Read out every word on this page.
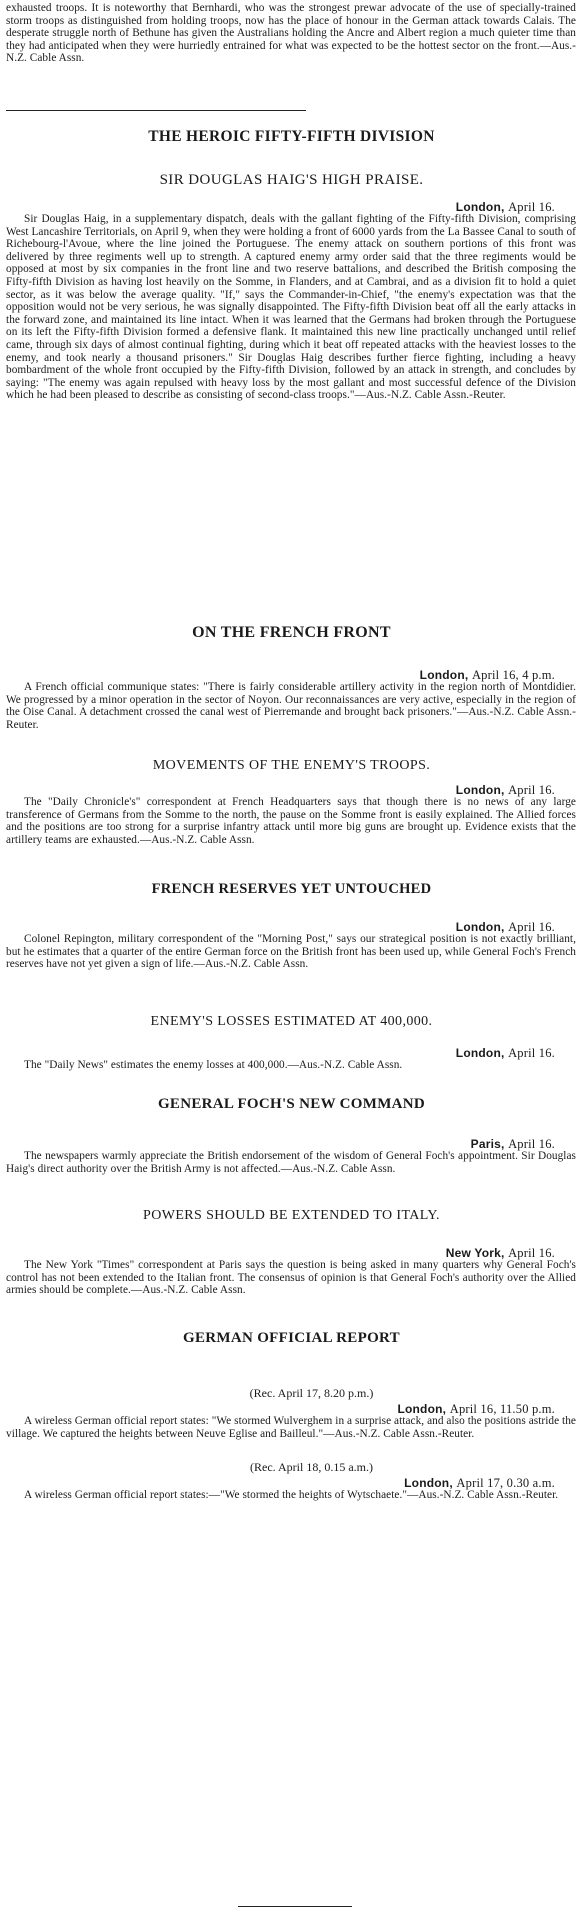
exhausted troops. It is noteworthy that Bernhardi, who was the strongest prewar advocate of the use of specially-trained storm troops as distinguished from holding troops, now has the place of honour in the German attack towards Calais. The desperate struggle north of Bethune has given the Australians holding the Ancre and Albert region a much quieter time than they had anticipated when they were hurriedly entrained for what was expected to be the hottest sector on the front.—Aus.-N.Z. Cable Assn.

THE HEROIC FIFTY-FIFTH DIVISION
SIR DOUGLAS HAIG'S HIGH PRAISE.

London, April 16.

Sir Douglas Haig, in a supplementary dispatch, deals with the gallant fighting of the Fifty-fifth Division, comprising West Lancashire Territorials, on April 9, when they were holding a front of 6000 yards from the La Bassee Canal to south of Richebourg-l'Avoue, where the line joined the Portuguese. The enemy attack on southern portions of this front was delivered by three regiments well up to strength. A captured enemy army order said that the three regiments would be opposed at most by six companies in the front line and two reserve battalions, and described the British composing the Fifty-fifth Division as having lost heavily on the Somme, in Flanders, and at Cambrai, and as a division fit to hold a quiet sector, as it was below the average quality. "If," says the Commander-in-Chief, "the enemy's expectation was that the opposition would not be very serious, he was signally disappointed. The Fifty-fifth Division beat off all the early attacks in the forward zone, and maintained its line intact. When it was learned that the Germans had broken through the Portuguese on its left the Fifty-fifth Division formed a defensive flank. It maintained this new line practically unchanged until relief came, through six days of almost continual fighting, during which it beat off repeated attacks with the heaviest losses to the enemy, and took nearly a thousand prisoners." Sir Douglas Haig describes further fierce fighting, including a heavy bombardment of the whole front occupied by the Fifty-fifth Division, followed by an attack in strength, and concludes by saying: "The enemy was again repulsed with heavy loss by the most gallant and most successful defence of the Division which he had been pleased to describe as consisting of second-class troops."—Aus.-N.Z. Cable Assn.-Reuter.

ON THE FRENCH FRONT

London, April 16, 4 p.m.

A French official communique states: "There is fairly considerable artillery activity in the region north of Montdidier. We progressed by a minor operation in the sector of Noyon. Our reconnaissances are very active, especially in the region of the Oise Canal. A detachment crossed the canal west of Pierremande and brought back prisoners."—Aus.-N.Z. Cable Assn.-Reuter.

MOVEMENTS OF THE ENEMY'S TROOPS.

London, April 16.

The "Daily Chronicle's" correspondent at French Headquarters says that though there is no news of any large transference of Germans from the Somme to the north, the pause on the Somme front is easily explained. The Allied forces and the positions are too strong for a surprise infantry attack until more big guns are brought up. Evidence exists that the artillery teams are exhausted.—Aus.-N.Z. Cable Assn.

FRENCH RESERVES YET UNTOUCHED

London, April 16.

Colonel Repington, military correspondent of the "Morning Post," says our strategical position is not exactly brilliant, but he estimates that a quarter of the entire German force on the British front has been used up, while General Foch's French reserves have not yet given a sign of life.—Aus.-N.Z. Cable Assn.

ENEMY'S LOSSES ESTIMATED AT 400,000.

London, April 16.

The "Daily News" estimates the enemy losses at 400,000.—Aus.-N.Z. Cable Assn.

GENERAL FOCH'S NEW COMMAND

Paris, April 16.

The newspapers warmly appreciate the British endorsement of the wisdom of General Foch's appointment. Sir Douglas Haig's direct authority over the British Army is not affected.—Aus.-N.Z. Cable Assn.

POWERS SHOULD BE EXTENDED TO ITALY.

New York, April 16.

The New York "Times" correspondent at Paris says the question is being asked in many quarters why General Foch's control has not been extended to the Italian front. The consensus of opinion is that General Foch's authority over the Allied armies should be complete.—Aus.-N.Z. Cable Assn.

GERMAN OFFICIAL REPORT

(Rec. April 17, 8.20 p.m.)

London, April 16, 11.50 p.m.

A wireless German official report states: "We stormed Wulverghem in a surprise attack, and also the positions astride the village. We captured the heights between Neuve Eglise and Bailleul."—Aus.-N.Z. Cable Assn.-Reuter.

(Rec. April 18, 0.15 a.m.)

London, April 17, 0.30 a.m.

A wireless German official report states:—"We stormed the heights of Wytschaete."—Aus.-N.Z. Cable Assn.-Reuter.
